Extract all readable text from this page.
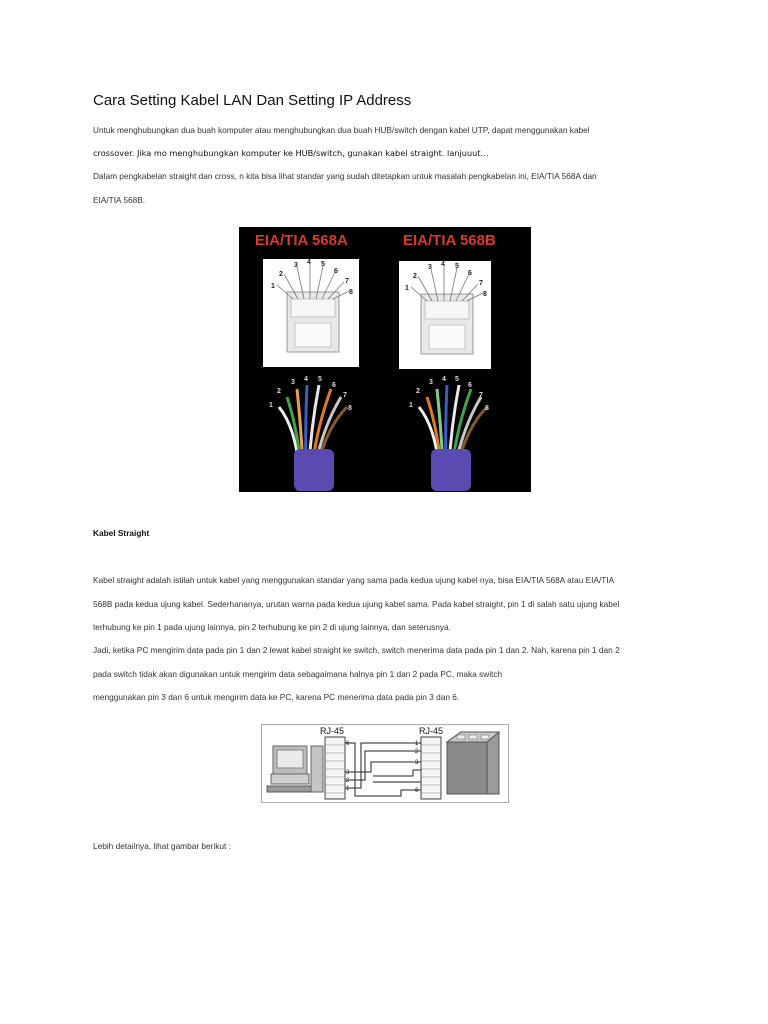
Cara Setting Kabel LAN Dan Setting IP Address
Untuk menghubungkan dua buah komputer atau menghubungkan dua buah HUB/switch dengan kabel UTP, dapat menggunakan kabel
crossover. Jika mo menghubungkan komputer ke HUB/switch, gunakan kabel straight. lanjuuut…
Dalam pengkabelan straight dan cross, n kita bisa lihat standar yang sudah ditetapkan untuk masalah pengkabelan ini, EIA/TIA 568A dan
EIA/TIA 568B.
EIA/TIA 568A	EIA/TIA 568B
1
2
3 4 5
6
7
8
1
2
3 4 5
6
7
8
1
2
3 4 5
6
7
8	1
2
3 4 5
6
7
8
Kabel Straight
Kabel straight adalah istilah untuk kabel yang menggunakan standar yang sama pada kedua ujung kabel nya, bisa EIA/TIA 568A atau EIA/TIA
568B pada kedua ujung kabel. Sederhananya, urutan warna pada kedua ujung kabel sama. Pada kabel straight, pin 1 di salah satu ujung kabel
terhubung ke pin 1 pada ujung lainnya, pin 2 terhubung ke pin 2 di ujung lainnya, dan seterusnya.
Jadi, ketika PC mengirim data pada pin 1 dan 2 lewat kabel straight ke switch, switch menerima data pada pin 1 dan 2. Nah, karena pin 1 dan 2
pada switch tidak akan digunakan untuk mengirim data sebagaimana halnya pin 1 dan 2 pada PC, maka switch
menggunakan pin 3 dan 6 untuk mengirim data ke PC, karena PC menerima data pada pin 3 dan 6.
RJ-45
6
3
2
1
RJ-45
1
2
3
6
Lebih detailnya, lihat gambar berikut :
